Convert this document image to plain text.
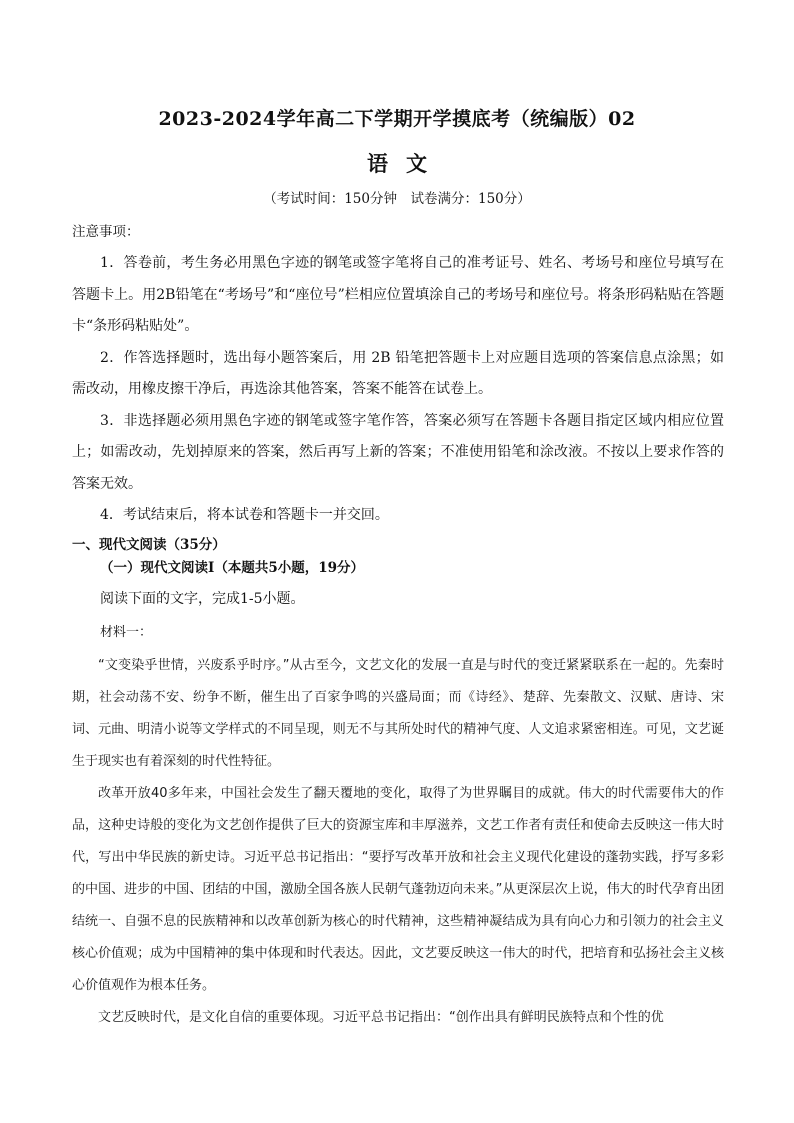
2023-2024学年高二下学期开学摸底考（统编版）02
语文
（考试时间：150分钟　试卷满分：150分）
注意事项：

1．答卷前，考生务必用黑色字迹的钢笔或签字笔将自己的准考证号、姓名、考场号和座位号填写在答题卡上。用2B铅笔在“考场号”和“座位号”栏相应位置填涂自己的考场号和座位号。将条形码粘贴在答题卡“条形码粘贴处”。

2．作答选择题时，选出每小题答案后，用 2B 铅笔把答题卡上对应题目选项的答案信息点涂黑；如需改动，用橡皮擦干净后，再选涂其他答案，答案不能答在试卷上。

3．非选择题必须用黑色字迹的钢笔或签字笔作答，答案必须写在答题卡各题目指定区域内相应位置上；如需改动，先划掉原来的答案，然后再写上新的答案；不准使用铅笔和涂改液。不按以上要求作答的答案无效。

4．考试结束后，将本试卷和答题卡一并交回。

一、现代文阅读（35分）
（一）现代文阅读Ⅰ（本题共5小题，19分）
阅读下面的文字，完成1-5小题。
材料一：

“文变染乎世情，兴废系乎时序。”从古至今，文艺文化的发展一直是与时代的变迁紧紧联系在一起的。先秦时期，社会动荡不安、纷争不断，催生出了百家争鸣的兴盛局面；而《诗经》、楚辞、先秦散文、汉赋、唐诗、宋词、元曲、明清小说等文学样式的不同呈现，则无不与其所处时代的精神气度、人文追求紧密相连。可见，文艺诞生于现实也有着深刻的时代性特征。

改革开放40多年来，中国社会发生了翻天覆地的变化，取得了为世界瞩目的成就。伟大的时代需要伟大的作品，这种史诗般的变化为文艺创作提供了巨大的资源宝库和丰厚滋养，文艺工作者有责任和使命去反映这一伟大时代，写出中华民族的新史诗。习近平总书记指出：“要抒写改革开放和社会主义现代化建设的蓬勃实践，抒写多彩的中国、进步的中国、团结的中国，激励全国各族人民朝气蓬勃迈向未来。”从更深层次上说，伟大的时代孕育出团结统一、自强不息的民族精神和以改革创新为核心的时代精神，这些精神凝结成为具有向心力和引领力的社会主义核心价值观；成为中国精神的集中体现和时代表达。因此，文艺要反映这一伟大的时代，把培育和弘扬社会主义核心价值观作为根本任务。

文艺反映时代，是文化自信的重要体现。习近平总书记指出：“创作出具有鲜明民族特点和个性的优
